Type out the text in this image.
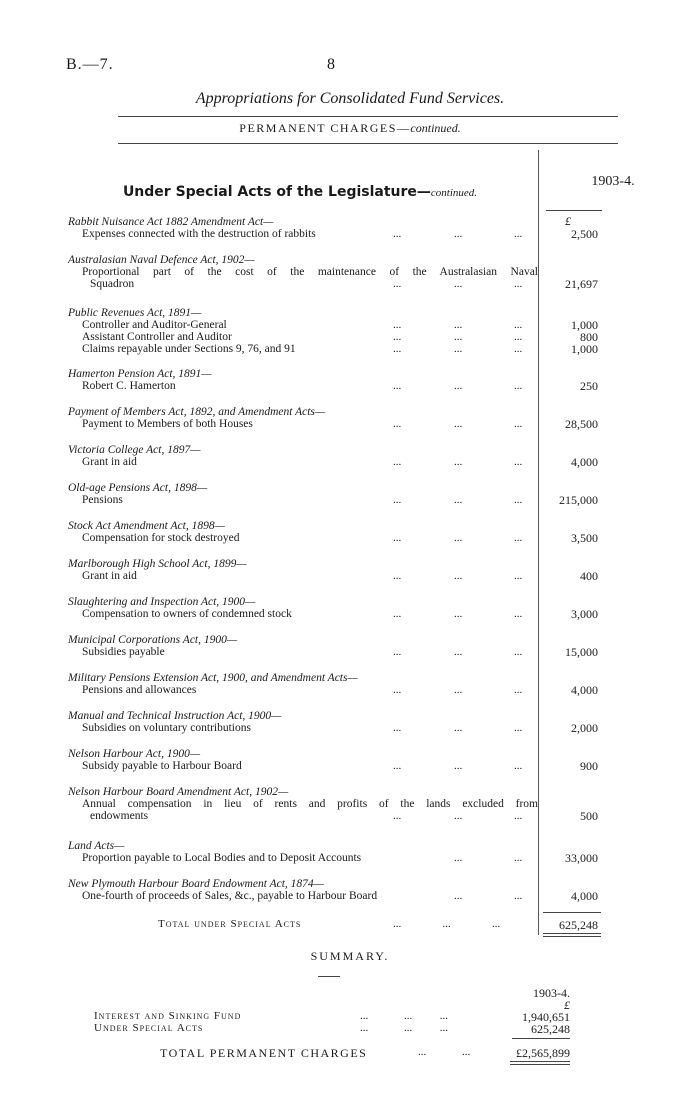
B.—7.	8
Appropriations for Consolidated Fund Services.
PERMANENT CHARGES—continued.
1903-4.
£
Under Special Acts of the Legislature—continued.
Rabbit Nuisance Act 1882 Amendment Act—
Expenses connected with the destruction of rabbits	...	...	...	2,500
Australasian Naval Defence Act, 1902—
Proportional part of the cost of the maintenance of the Australasian Naval
Squadron	...	...	...	21,697
Public Revenues Act, 1891—
Controller and Auditor-General	...	...	...	1,000
Assistant Controller and Auditor	...	...	...	800
Claims repayable under Sections 9, 76, and 91	...	...	...	1,000
Hamerton Pension Act, 1891—
Robert C. Hamerton	...	...	...	250
Payment of Members Act, 1892, and Amendment Acts—
Payment to Members of both Houses	...	...	...	28,500
Victoria College Act, 1897—
Grant in aid	...	...	...	4,000
Old-age Pensions Act, 1898—
Pensions	...	...	...	215,000
Stock Act Amendment Act, 1898—
Compensation for stock destroyed	...	...	...	3,500
Marlborough High School Act, 1899—
Grant in aid	...	...	...	400
Slaughtering and Inspection Act, 1900—
Compensation to owners of condemned stock	...	...	...	3,000
Municipal Corporations Act, 1900—
Subsidies payable	...	...	...	15,000
Military Pensions Extension Act, 1900, and Amendment Acts—
Pensions and allowances	...	...	...	4,000
Manual and Technical Instruction Act, 1900—
Subsidies on voluntary contributions	...	...	...	2,000
Nelson Harbour Act, 1900—
Subsidy payable to Harbour Board	...	...	...	900
Nelson Harbour Board Amendment Act, 1902—
Annual compensation in lieu of rents and profits of the lands excluded from
endowments	...	...	...	500
Land Acts—
Proportion payable to Local Bodies and to Deposit Accounts	...	...	33,000
New Plymouth Harbour Board Endowment Act, 1874—
One-fourth of proceeds of Sales, &c., payable to Harbour Board	...	...	4,000
Total under Special Acts	...               ...               ...	625,248
SUMMARY.
1903-4.
£
Interest and Sinking Fund	...             ...          ...	1,940,651
Under Special Acts	...             ...          ...	625,248
TOTAL PERMANENT CHARGES	...             ...	£2,565,899
